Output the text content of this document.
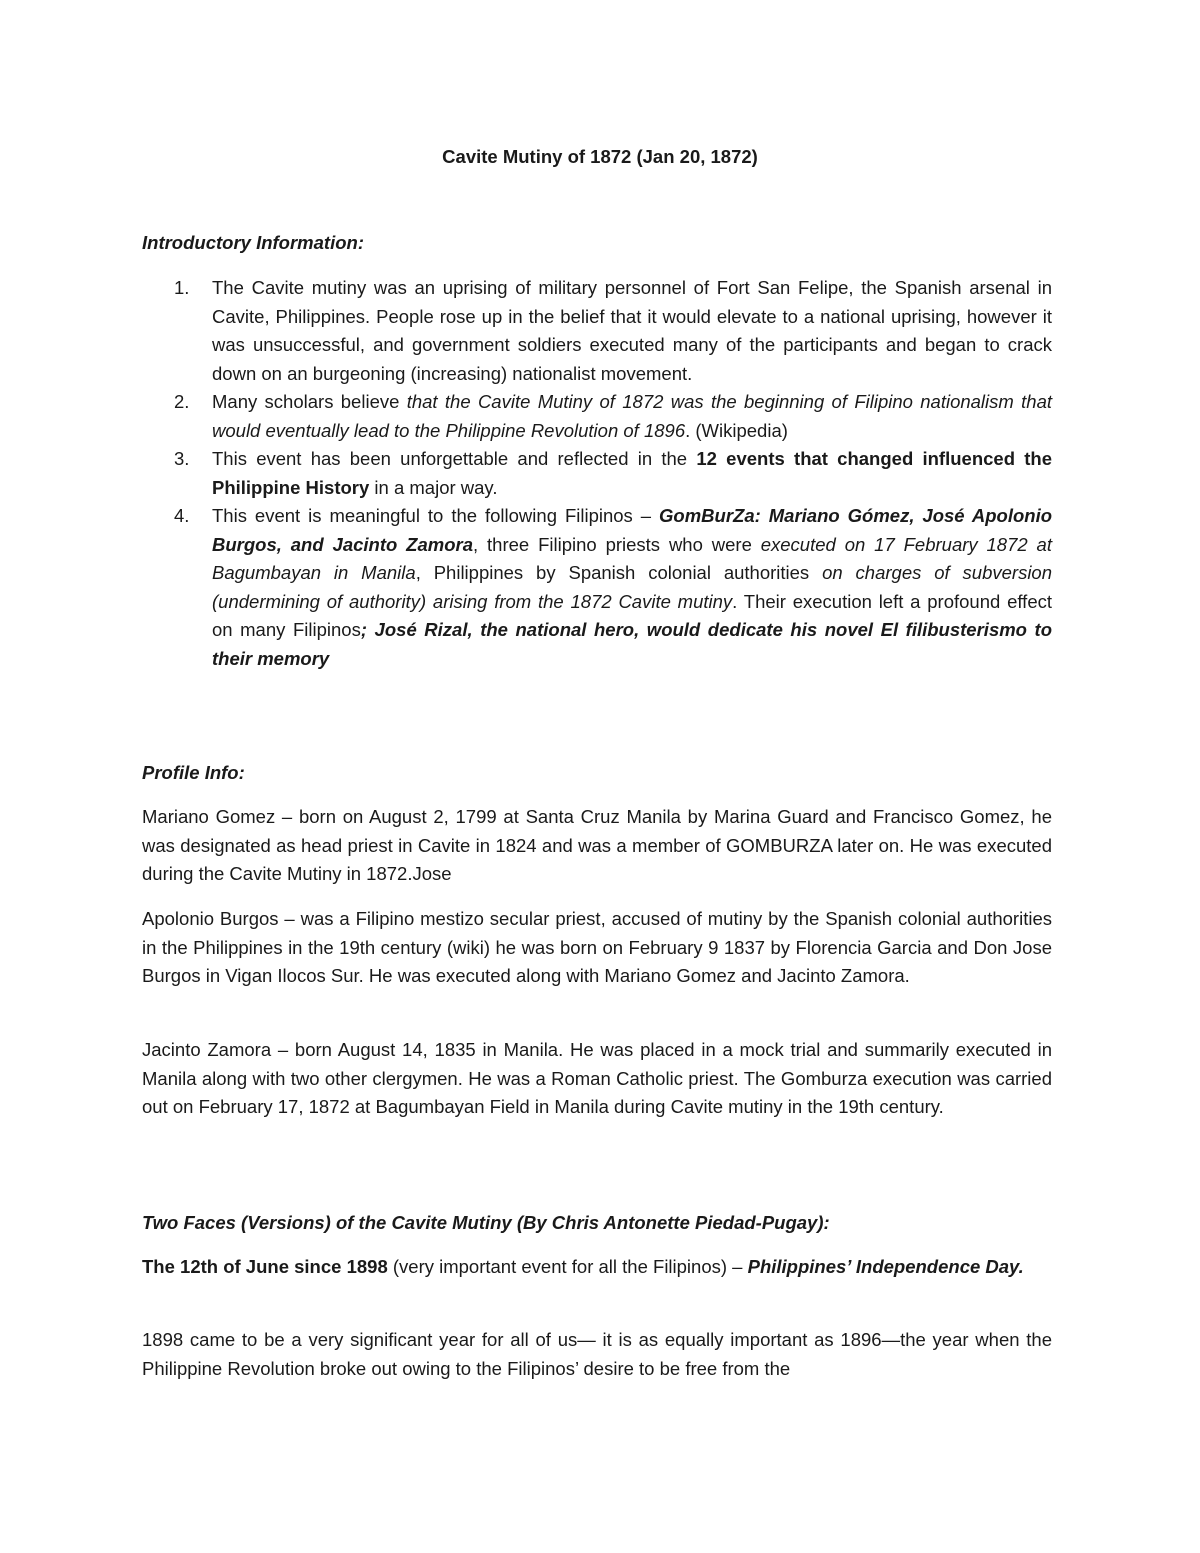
Cavite Mutiny of 1872 (Jan 20, 1872)
Introductory Information:
1. The Cavite mutiny was an uprising of military personnel of Fort San Felipe, the Spanish arsenal in Cavite, Philippines. People rose up in the belief that it would elevate to a national uprising, however it was unsuccessful, and government soldiers executed many of the participants and began to crack down on an burgeoning (increasing) nationalist movement.
2. Many scholars believe that the Cavite Mutiny of 1872 was the beginning of Filipino nationalism that would eventually lead to the Philippine Revolution of 1896. (Wikipedia)
3. This event has been unforgettable and reflected in the 12 events that changed influenced the Philippine History in a major way.
4. This event is meaningful to the following Filipinos – GomBurZa: Mariano Gómez, José Apolonio Burgos, and Jacinto Zamora, three Filipino priests who were executed on 17 February 1872 at Bagumbayan in Manila, Philippines by Spanish colonial authorities on charges of subversion (undermining of authority) arising from the 1872 Cavite mutiny. Their execution left a profound effect on many Filipinos; José Rizal, the national hero, would dedicate his novel El filibusterismo to their memory
Profile Info:

Mariano Gomez – born on August 2, 1799 at Santa Cruz Manila by Marina Guard and Francisco Gomez, he was designated as head priest in Cavite in 1824 and was a member of GOMBURZA later on. He was executed during the Cavite Mutiny in 1872.Jose

Apolonio Burgos – was a Filipino mestizo secular priest, accused of mutiny by the Spanish colonial authorities in the Philippines in the 19th century (wiki) he was born on February 9 1837 by Florencia Garcia and Don Jose Burgos in Vigan Ilocos Sur. He was executed along with Mariano Gomez and Jacinto Zamora.

Jacinto Zamora – born August 14, 1835 in Manila. He was placed in a mock trial and summarily executed in Manila along with two other clergymen. He was a Roman Catholic priest. The Gomburza execution was carried out on February 17, 1872 at Bagumbayan Field in Manila during Cavite mutiny in the 19th century.

Two Faces (Versions) of the Cavite Mutiny (By Chris Antonette Piedad-Pugay):

The 12th of June since 1898 (very important event for all the Filipinos) – Philippines’ Independence Day.

1898 came to be a very significant year for all of us— it is as equally important as 1896—the year when the Philippine Revolution broke out owing to the Filipinos’ desire to be free from the
